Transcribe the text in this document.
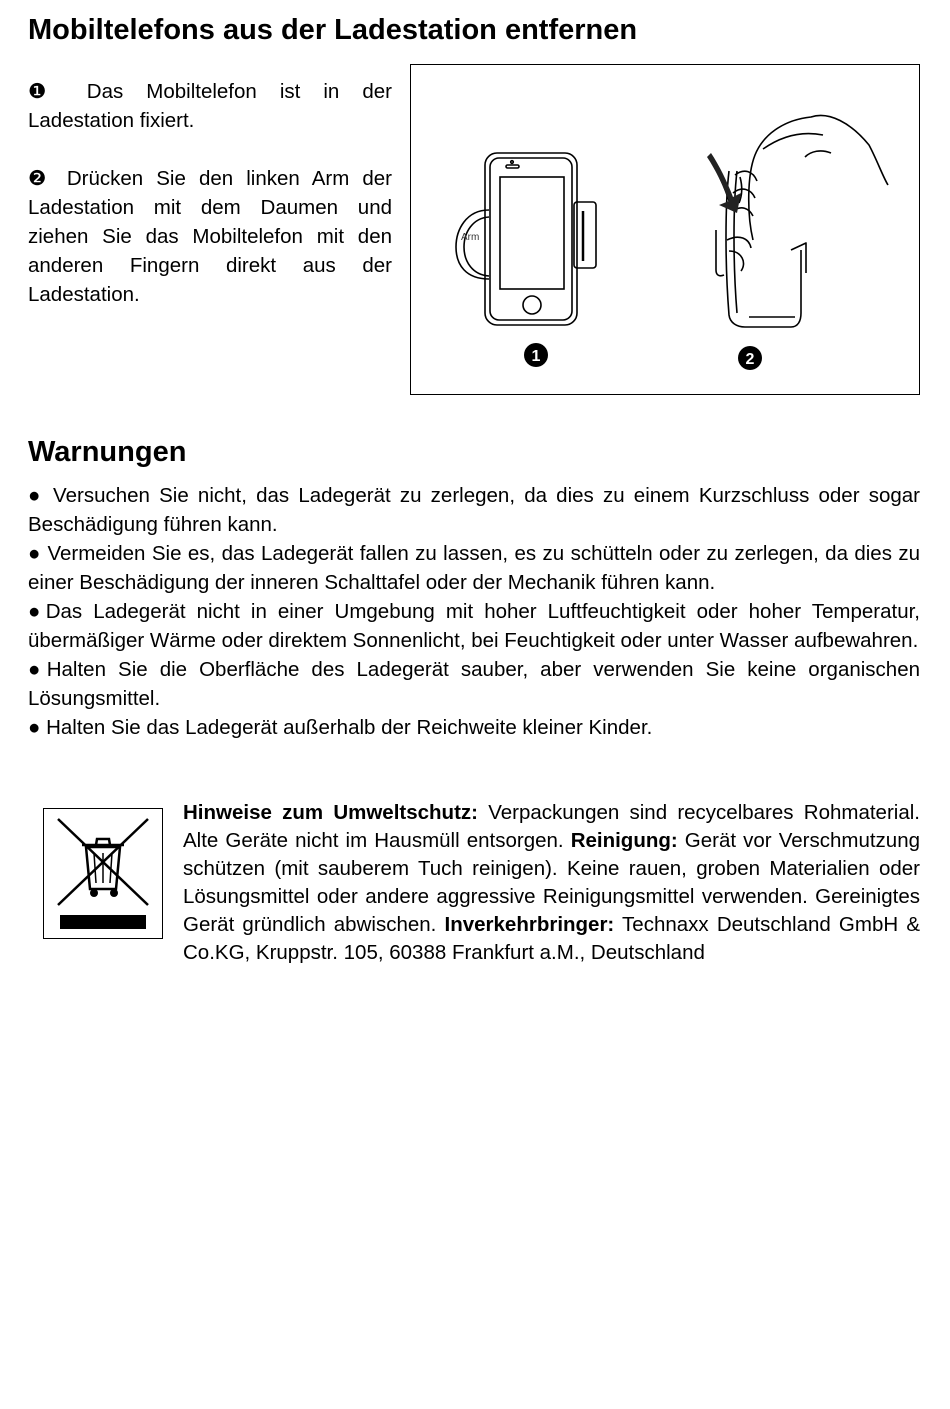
Mobiltelefons aus der Ladestation entfernen

❶ Das Mobiltelefon ist in der Ladestation fixiert.

❷ Drücken Sie den linken Arm der Ladestation mit dem Daumen und ziehen Sie das Mobiltelefon mit den anderen Fingern direkt aus der Ladestation.

Arm
1	2
Warnungen

● Versuchen Sie nicht, das Ladegerät zu zerlegen, da dies zu einem Kurzschluss oder sogar Beschädigung führen kann.

● Vermeiden Sie es, das Ladegerät fallen zu lassen, es zu schütteln oder zu zerlegen, da dies zu einer Beschädigung der inneren Schalttafel oder der Mechanik führen kann.

●Das Ladegerät nicht in einer Umgebung mit hoher Luftfeuchtigkeit oder hoher Temperatur, übermäßiger Wärme oder direktem Sonnenlicht, bei Feuchtigkeit oder unter Wasser aufbewahren.

●Halten Sie die Oberfläche des Ladegerät sauber, aber verwenden Sie keine organischen Lösungsmittel.

● Halten Sie das Ladegerät außerhalb der Reichweite kleiner Kinder.

Hinweise zum Umweltschutz: Verpackungen sind recycelbares Rohmaterial. Alte Geräte nicht im Hausmüll entsorgen. Reinigung: Gerät vor Verschmutzung schützen (mit sauberem Tuch reinigen). Keine rauen, groben Materialien oder Lösungsmittel oder andere aggressive Reinigungsmittel verwenden. Gereinigtes Gerät gründlich abwischen. Inverkehrbringer: Technaxx Deutschland GmbH & Co.KG, Kruppstr. 105, 60388 Frankfurt a.M., Deutschland
